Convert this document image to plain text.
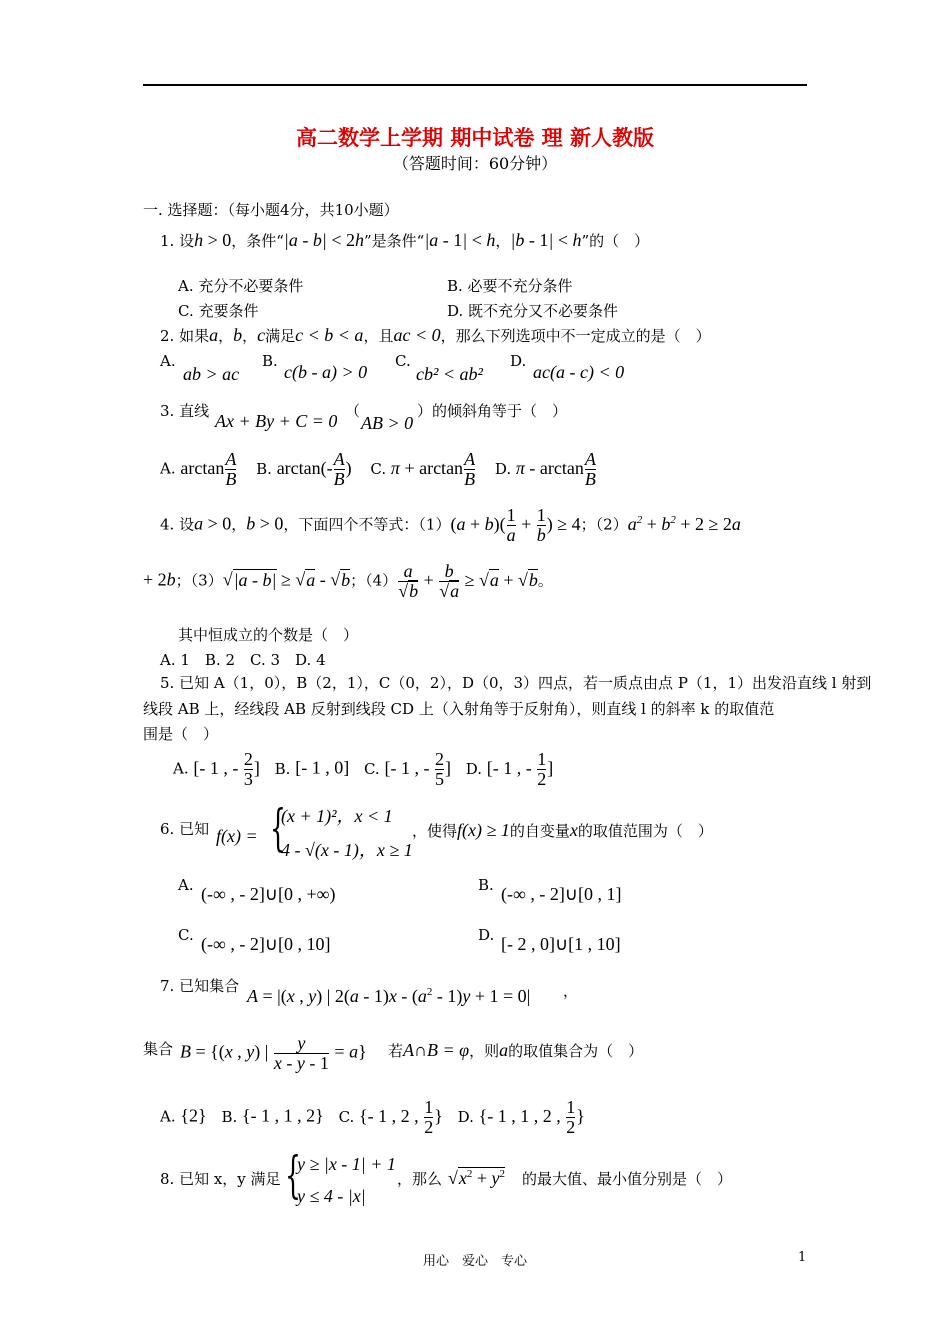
高二数学上学期 期中试卷 理 新人教版
（答题时间：60分钟）
一. 选择题：（每小题4分，共10小题）
1. 设h > 0，条件“|a - b| < 2h”是条件“|a - 1| < h，|b - 1| < h”的（　）
A. 充分不必要条件	B. 必要不充分条件
C. 充要条件	D. 既不充分又不必要条件
2. 如果a，b，c满足c < b < a，且ac < 0，那么下列选项中不一定成立的是（　）
A.
ab > ac
B.
c(b - a) > 0
C.
cb² < ab²
D.
ac(a - c) < 0
3. 直线 Ax + By + C = 0 （
AB > 0
）的倾斜角等于（　）
A. $\arctan \frac{A}{B} B$. $\arctan(- \frac{A}{B}$ ) C. $\pi + \arctan \frac{A}{B} D$. π - $\arctan \frac{A}{B}$
4. 设a > 0，b > 0，下面四个不等式：$(1)(a + b)( \frac{1}{a} + \frac{1}{b}$ ) ≥ 4；$(2)a^2 + b^2 + 2 \ge 2a$
+ 2b；（3）√|a - b| ≥ √a - √b；$(4) \frac{a}{√b} + \frac{b}{√a} \ge √a + √b$。
其中恒成立的个数是（　）
A. 1　B. 2　C. 3　D. 4
5. 已知 A（1，0），B（2，1），C（0，2），D（0，3）四点，若一质点由点 P（1，1）出发沿直线 l 射到
线段 AB 上，经线段 AB 反射到线段 CD 上（入射角等于反射角），则直线 l 的斜率 k 的取值范
围是（　）
A. [- 1 , - $\frac{2}{3}$ ] B. [- 1 , 0] C. [- 1 , - $\frac{2}{5}$ ] D. [- 1 , - $\frac{1}{2}$ ]
6. 已知 f(x) = {
(x + 1)²，x < 1
4 - √(x - 1)，x ≥ 1
，使得f(x) ≥ 1的自变量x的取值范围为（　）
A. (-∞ , - 2]∪[0 , +∞)	B. (-∞ , - 2]∪[0 , 1]
C. (-∞ , - 2]∪[0 , 10]	D. [- 2 , 0]∪[1 , 10]
7. 已知集合 A = |(x , y) | $2(a - 1)x - (a^2 - 1)y + 1 = 0|$ ，
集合 B = {(x , y) | $\frac{y}{x - y - 1} = a$} 若A∩B = φ，则a的取值集合为（　）
A. {2} B. {- 1 , 1 , 2} C. {- 1 , 2 , $\frac{1}{2}$ } D. {- 1 , 1 , 2 , $\frac{1}{2}$ }
8. 已知 x，y 满足 {
y ≥ |x - 1| + 1
y ≤ 4 - |x|
，那么 $√x^2 + y^2$ 的最大值、最小值分别是（　）
用心　爱心　专心	1
